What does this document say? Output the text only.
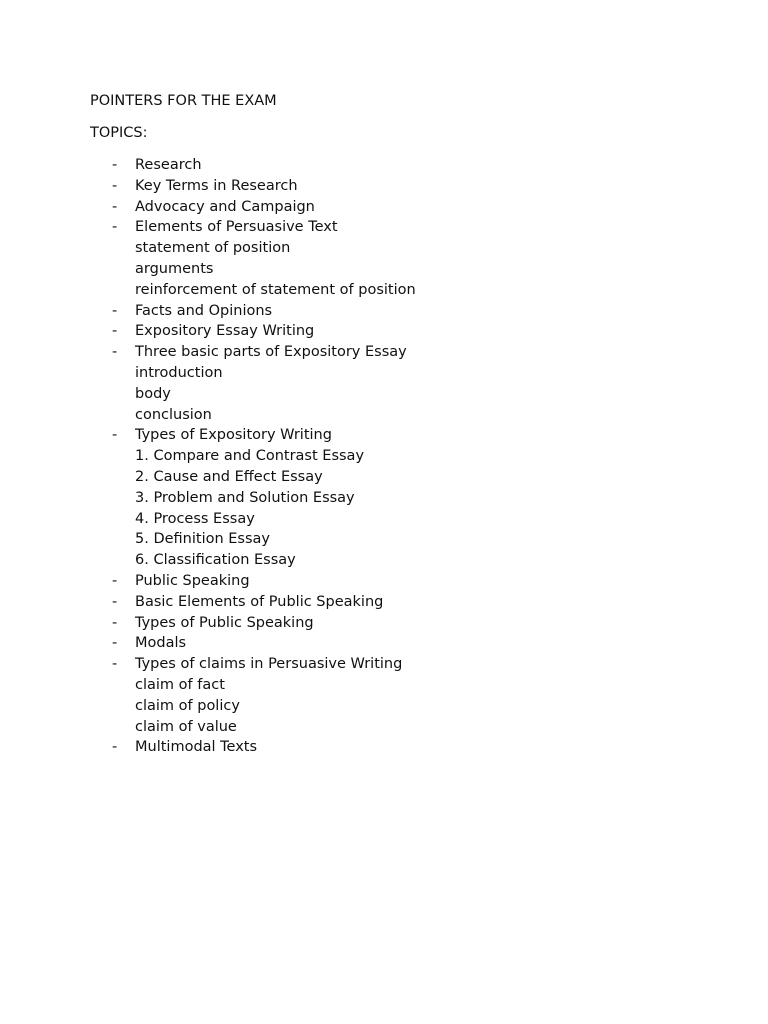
POINTERS FOR THE EXAM
TOPICS:
- Research
- Key Terms in Research
- Advocacy and Campaign
- Elements of Persuasive Text
statement of position
arguments
reinforcement of statement of position
- Facts and Opinions
- Expository Essay Writing
- Three basic parts of Expository Essay
introduction
body
conclusion
- Types of Expository Writing
1. Compare and Contrast Essay
2. Cause and Effect Essay
3. Problem and Solution Essay
4. Process Essay
5. Definition Essay
6. Classification Essay
- Public Speaking
- Basic Elements of Public Speaking
- Types of Public Speaking
- Modals
- Types of claims in Persuasive Writing
claim of fact
claim of policy
claim of value
- Multimodal Texts
